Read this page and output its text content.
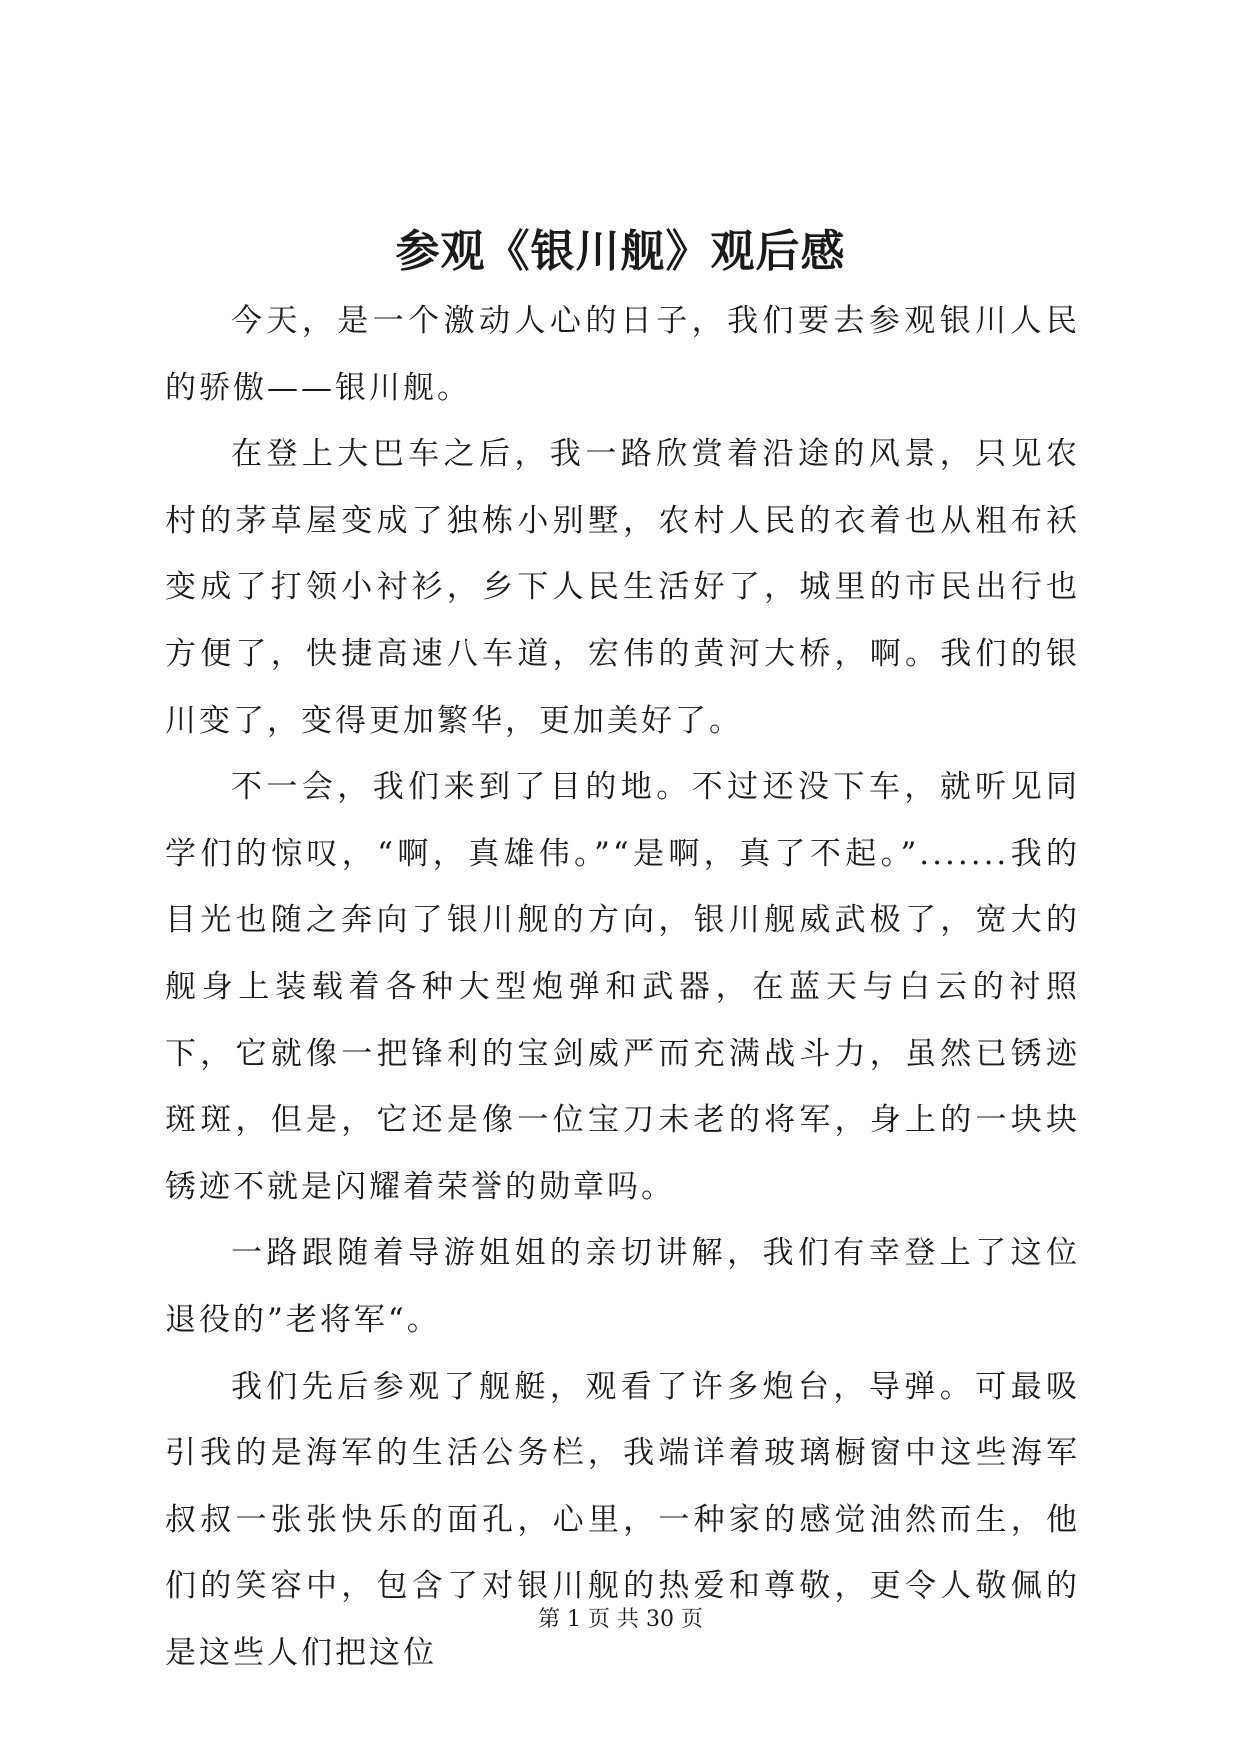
参观《银川舰》观后感

今天，是一个激动人心的日子，我们要去参观银川人民的骄傲——银川舰。

在登上大巴车之后，我一路欣赏着沿途的风景，只见农村的茅草屋变成了独栋小别墅，农村人民的衣着也从粗布袄变成了打领小衬衫，乡下人民生活好了，城里的市民出行也方便了，快捷高速八车道，宏伟的黄河大桥，啊。我们的银川变了，变得更加繁华，更加美好了。

不一会，我们来到了目的地。不过还没下车，就听见同学们的惊叹，“啊，真雄伟。”“是啊，真了不起。”.......我的目光也随之奔向了银川舰的方向，银川舰威武极了，宽大的舰身上装载着各种大型炮弹和武器，在蓝天与白云的衬照下，它就像一把锋利的宝剑威严而充满战斗力，虽然已锈迹斑斑，但是，它还是像一位宝刀未老的将军，身上的一块块锈迹不就是闪耀着荣誉的勋章吗。

一路跟随着导游姐姐的亲切讲解，我们有幸登上了这位退役的”老将军“。

我们先后参观了舰艇，观看了许多炮台，导弹。可最吸引我的是海军的生活公务栏，我端详着玻璃橱窗中这些海军叔叔一张张快乐的面孔，心里，一种家的感觉油然而生，他们的笑容中，包含了对银川舰的热爱和尊敬，更令人敬佩的是这些人们把这位

第 1 页 共 30 页
